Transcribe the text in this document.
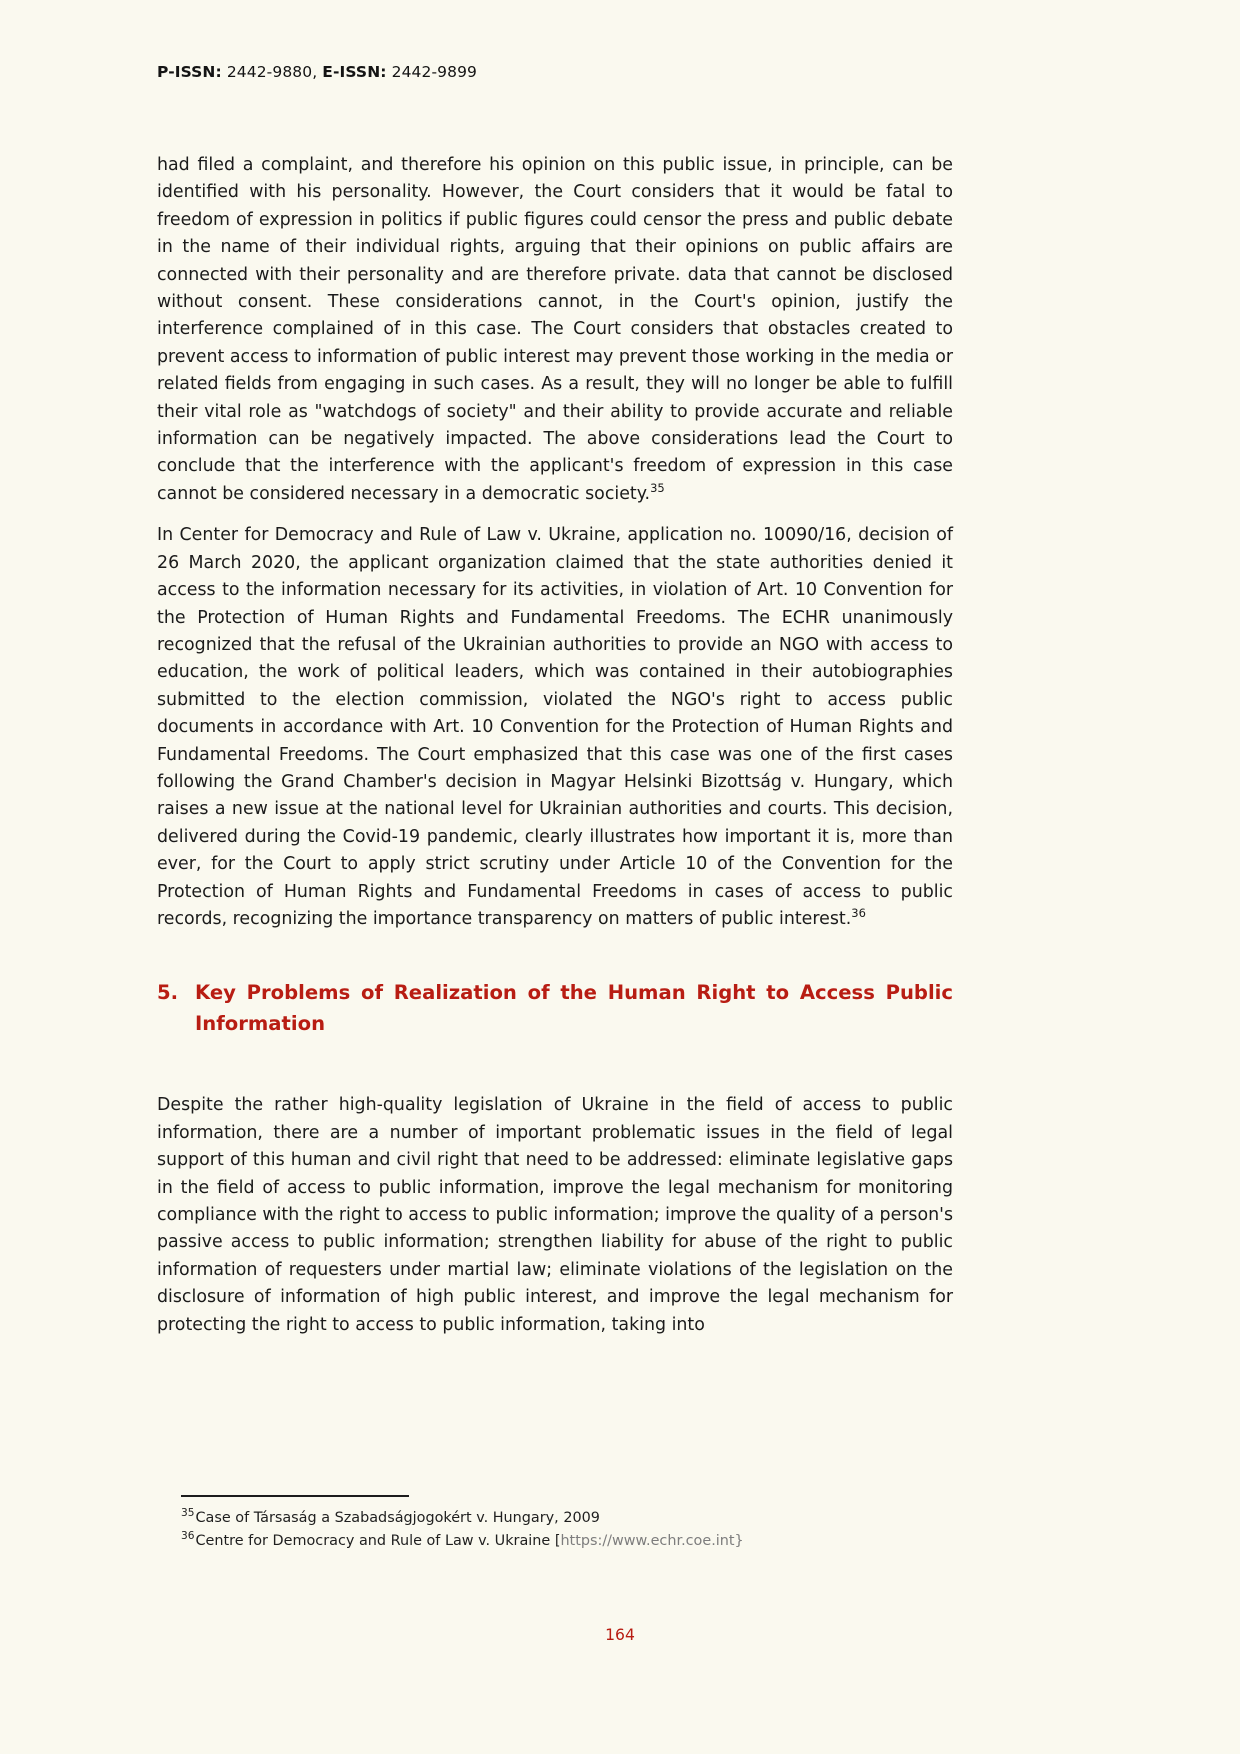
P-ISSN: 2442-9880, E-ISSN: 2442-9899

had filed a complaint, and therefore his opinion on this public issue, in principle, can be identified with his personality. However, the Court considers that it would be fatal to freedom of expression in politics if public figures could censor the press and public debate in the name of their individual rights, arguing that their opinions on public affairs are connected with their personality and are therefore private. data that cannot be disclosed without consent. These considerations cannot, in the Court's opinion, justify the interference complained of in this case. The Court considers that obstacles created to prevent access to information of public interest may prevent those working in the media or related fields from engaging in such cases. As a result, they will no longer be able to fulfill their vital role as "watchdogs of society" and their ability to provide accurate and reliable information can be negatively impacted. The above considerations lead the Court to conclude that the interference with the applicant's freedom of expression in this case cannot be considered necessary in a democratic society.$^{35}$

In Center for Democracy and Rule of Law v. Ukraine, application no. 10090/16, decision of 26 March 2020, the applicant organization claimed that the state authorities denied it access to the information necessary for its activities, in violation of Art. 10 Convention for the Protection of Human Rights and Fundamental Freedoms. The ECHR unanimously recognized that the refusal of the Ukrainian authorities to provide an NGO with access to education, the work of political leaders, which was contained in their autobiographies submitted to the election commission, violated the NGO's right to access public documents in accordance with Art. 10 Convention for the Protection of Human Rights and Fundamental Freedoms. The Court emphasized that this case was one of the first cases following the Grand Chamber's decision in Magyar Helsinki Bizottság v. Hungary, which raises a new issue at the national level for Ukrainian authorities and courts. This decision, delivered during the Covid-19 pandemic, clearly illustrates how important it is, more than ever, for the Court to apply strict scrutiny under Article 10 of the Convention for the Protection of Human Rights and Fundamental Freedoms in cases of access to public records, recognizing the importance transparency on matters of public interest.$^{36}$

5. Key Problems of Realization of the Human Right to Access Public
Information

Despite the rather high-quality legislation of Ukraine in the field of access to public information, there are a number of important problematic issues in the field of legal support of this human and civil right that need to be addressed: eliminate legislative gaps in the field of access to public information, improve the legal mechanism for monitoring compliance with the right to access to public information; improve the quality of a person's passive access to public information; strengthen liability for abuse of the right to public information of requesters under martial law; eliminate violations of the legislation on the disclosure of information of high public interest, and improve the legal mechanism for protecting the right to access to public information, taking into

$^{35}$Case of Társaság a Szabadságjogokért v. Hungary, 2009
$^{36}$Centre for Democracy and Rule of Law v. Ukraine [https://www.echr.coe.int}
164
